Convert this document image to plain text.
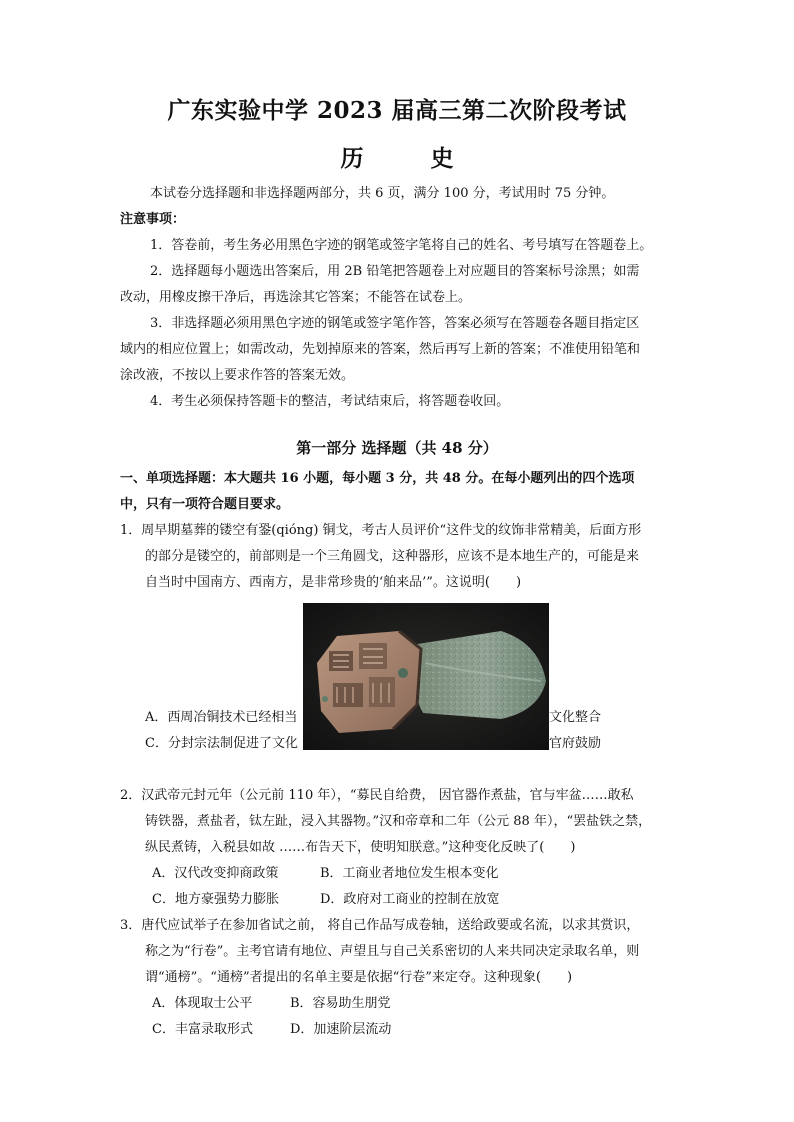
广东实验中学 2023 届高三第二次阶段考试
历　史
本试卷分选择题和非选择题两部分，共 6 页，满分 100 分，考试用时 75 分钟。
注意事项：
1．答卷前，考生务必用黑色字迹的钢笔或签字笔将自己的姓名、考号填写在答题卷上。
2．选择题每小题选出答案后，用 2B 铅笔把答题卷上对应题目的答案标号涂黑；如需
改动，用橡皮擦干净后，再选涂其它答案；不能答在试卷上。
3．非选择题必须用黑色字迹的钢笔或签字笔作答，答案必须写在答题卷各题目指定区
域内的相应位置上；如需改动，先划掉原来的答案，然后再写上新的答案；不准使用铅笔和
涂改液，不按以上要求作答的答案无效。
4．考生必须保持答题卡的整洁，考试结束后，将答题卷收回。
第一部分 选择题（共 48 分）
一、单项选择题：本大题共 16 小题，每小题 3 分，共 48 分。在每小题列出的四个选项
中，只有一项符合题目要求。
1．周早期墓葬的镂空有銎(qióng) 铜戈，考古人员评价“这件戈的纹饰非常精美，后面方形
的部分是镂空的，前部则是一个三角圆戈，这种器形，应该不是本地生产的，可能是来
自当时中国南方、西南方，是非常珍贵的‘舶来品’”。这说明(　　)
A．西周冶铜技术已经相当	文化整合
C．分封宗法制促进了文化	官府鼓励
2．汉武帝元封元年（公元前 110 年），“募民自给费， 因官器作煮盐，官与牢盆……敢私
铸铁器，煮盐者，钛左趾，浸入其器物。”汉和帝章和二年（公元 88 年），“罢盐铁之禁，
纵民煮铸，入税县如故 ……布告天下，使明知朕意。”这种变化反映了(　　)
A．汉代改变抑商政策	B．工商业者地位发生根本变化
C．地方豪强势力膨胀	D．政府对工商业的控制在放宽
3．唐代应试举子在参加省试之前， 将自己作品写成卷轴，送给政要或名流，以求其赏识，
称之为“行卷”。主考官请有地位、声望且与自己关系密切的人来共同决定录取名单，则
谓“通榜”。“通榜”者提出的名单主要是依据“行卷”来定夺。这种现象(　　)
A．体现取士公平	B．容易助生朋党
C．丰富录取形式	D．加速阶层流动
